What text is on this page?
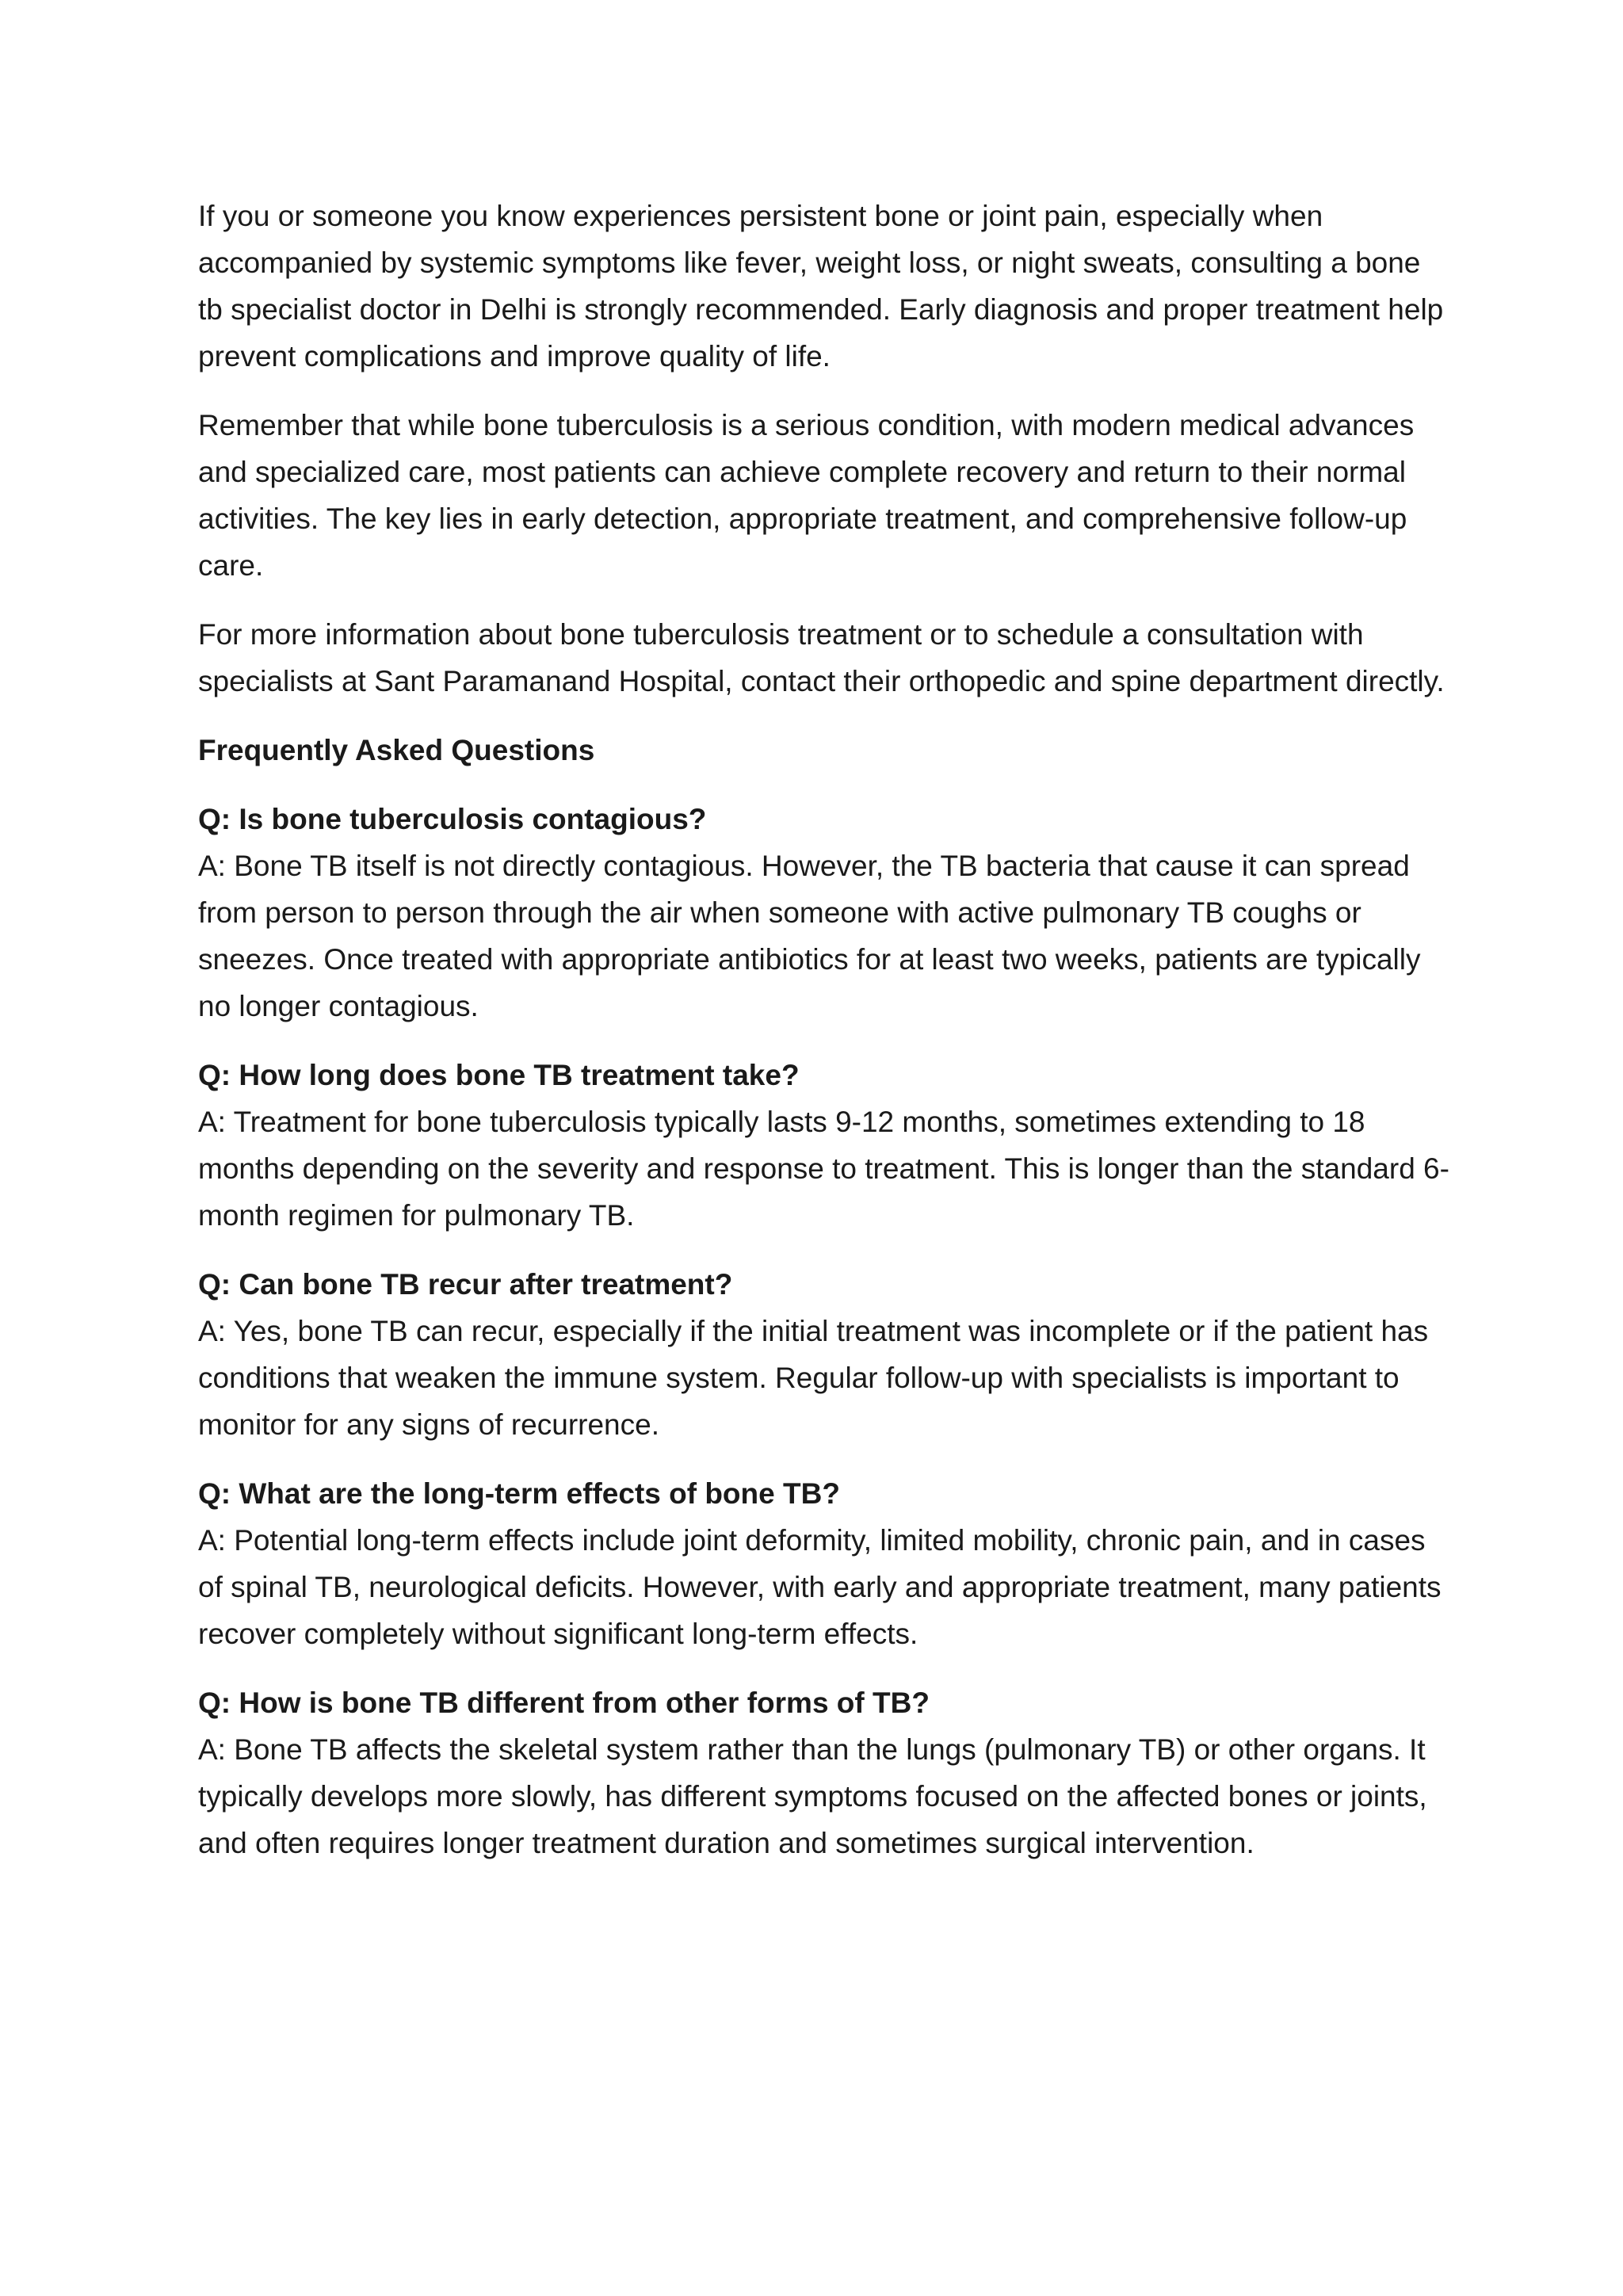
If you or someone you know experiences persistent bone or joint pain, especially when accompanied by systemic symptoms like fever, weight loss, or night sweats, consulting a bone tb specialist doctor in Delhi is strongly recommended. Early diagnosis and proper treatment help prevent complications and improve quality of life.

Remember that while bone tuberculosis is a serious condition, with modern medical advances and specialized care, most patients can achieve complete recovery and return to their normal activities. The key lies in early detection, appropriate treatment, and comprehensive follow-up care.

For more information about bone tuberculosis treatment or to schedule a consultation with specialists at Sant Paramanand Hospital, contact their orthopedic and spine department directly.

Frequently Asked Questions

Q: Is bone tuberculosis contagious?
A: Bone TB itself is not directly contagious. However, the TB bacteria that cause it can spread from person to person through the air when someone with active pulmonary TB coughs or sneezes. Once treated with appropriate antibiotics for at least two weeks, patients are typically no longer contagious.
Q: How long does bone TB treatment take?
A: Treatment for bone tuberculosis typically lasts 9-12 months, sometimes extending to 18 months depending on the severity and response to treatment. This is longer than the standard 6-month regimen for pulmonary TB.
Q: Can bone TB recur after treatment?
A: Yes, bone TB can recur, especially if the initial treatment was incomplete or if the patient has conditions that weaken the immune system. Regular follow-up with specialists is important to monitor for any signs of recurrence.
Q: What are the long-term effects of bone TB?
A: Potential long-term effects include joint deformity, limited mobility, chronic pain, and in cases of spinal TB, neurological deficits. However, with early and appropriate treatment, many patients recover completely without significant long-term effects.
Q: How is bone TB different from other forms of TB?
A: Bone TB affects the skeletal system rather than the lungs (pulmonary TB) or other organs. It typically develops more slowly, has different symptoms focused on the affected bones or joints, and often requires longer treatment duration and sometimes surgical intervention.
